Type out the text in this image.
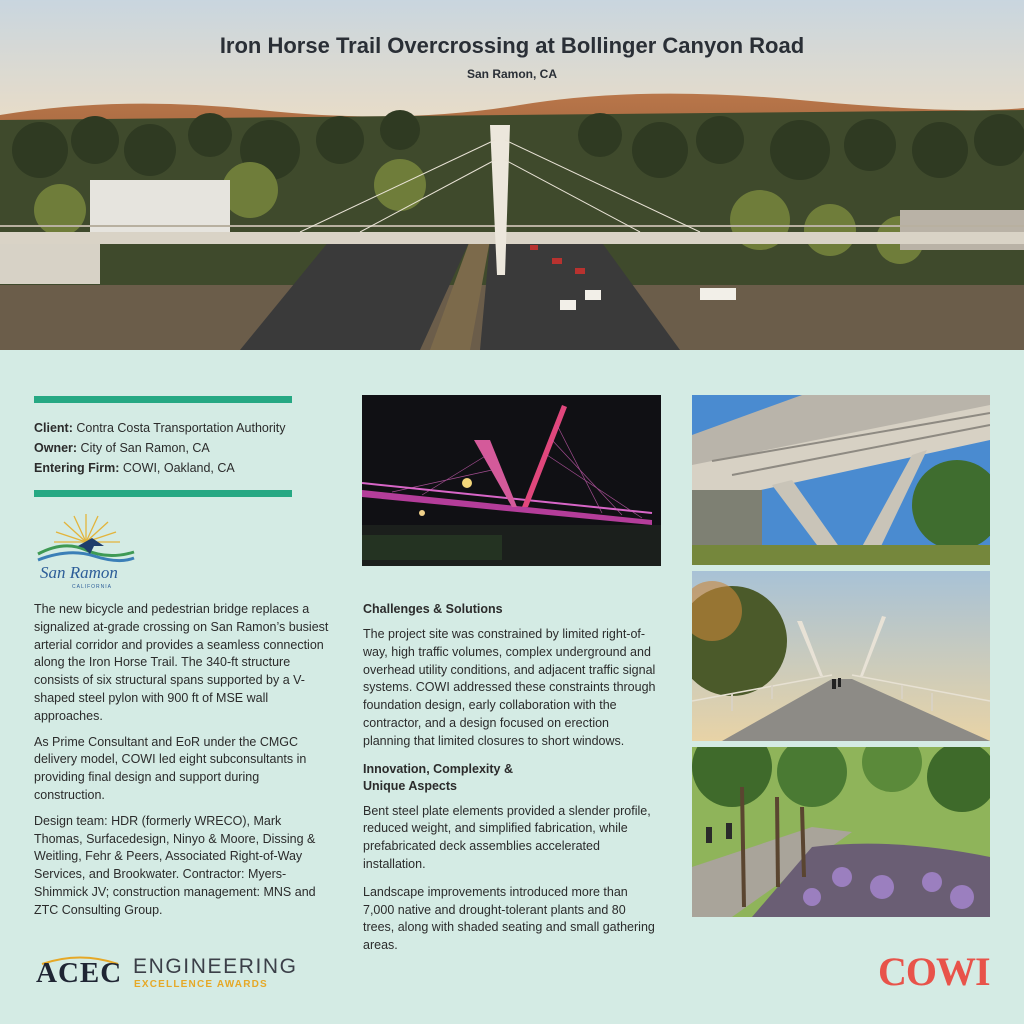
Iron Horse Trail Overcrossing at Bollinger Canyon Road
San Ramon, CA
Client: Contra Costa Transportation Authority
Owner: City of San Ramon, CA
Entering Firm: COWI, Oakland, CA
San Ramon
CALIFORNIA

The new bicycle and pedestrian bridge replaces a signalized at-grade crossing on San Ramon’s busiest arterial corridor and provides a seamless connection along the Iron Horse Trail. The 340-ft structure consists of six structural spans supported by a V-shaped steel pylon with 900 ft of MSE wall approaches.

As Prime Consultant and EoR under the CMGC delivery model, COWI led eight subconsultants in providing final design and support during construction.

Design team: HDR (formerly WRECO), Mark Thomas, Surfacedesign, Ninyo & Moore, Dissing & Weitling, Fehr & Peers, Associated Right-of-Way Services, and Brookwater. Contractor: Myers-Shimmick JV; construction management: MNS and ZTC Consulting Group.

Challenges & Solutions

The project site was constrained by limited right-of-way, high traffic volumes, complex underground and overhead utility conditions, and adjacent traffic signal systems. COWI addressed these constraints through foundation design, early collaboration with the contractor, and a design focused on erection planning that limited closures to short windows.

Innovation, Complexity &
Unique Aspects

Bent steel plate elements provided a slender profile, reduced weight, and simplified fabrication, while prefabricated deck assemblies accelerated installation.

Landscape improvements introduced more than 7,000 native and drought-tolerant plants and 80 trees, along with shaded seating and small gathering areas.

ACEC ENGINEERING
EXCELLENCE AWARDS	COWI
